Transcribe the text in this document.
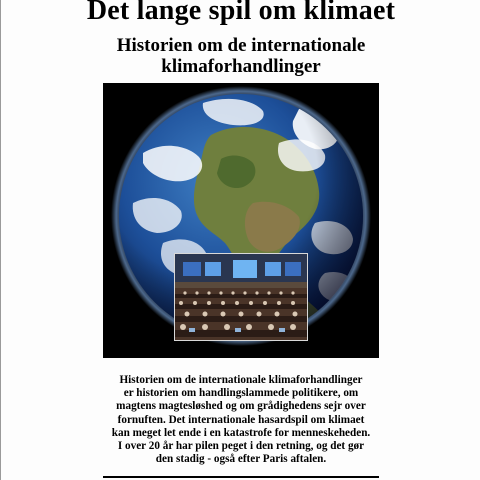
Det lange spil om klimaet
Historien om de internationale
klimaforhandlinger
Historien om de internationale klimaforhandlinger
er historien om handlingslammede politikere, om
magtens magtesløshed og om grådighedens sejr over
fornuften. Det internationale hasardspil om klimaet
kan meget let ende i en katastrofe for menneskeheden.
I over 20 år har pilen peget i den retning, og det gør
den stadig - også efter Paris aftalen.
